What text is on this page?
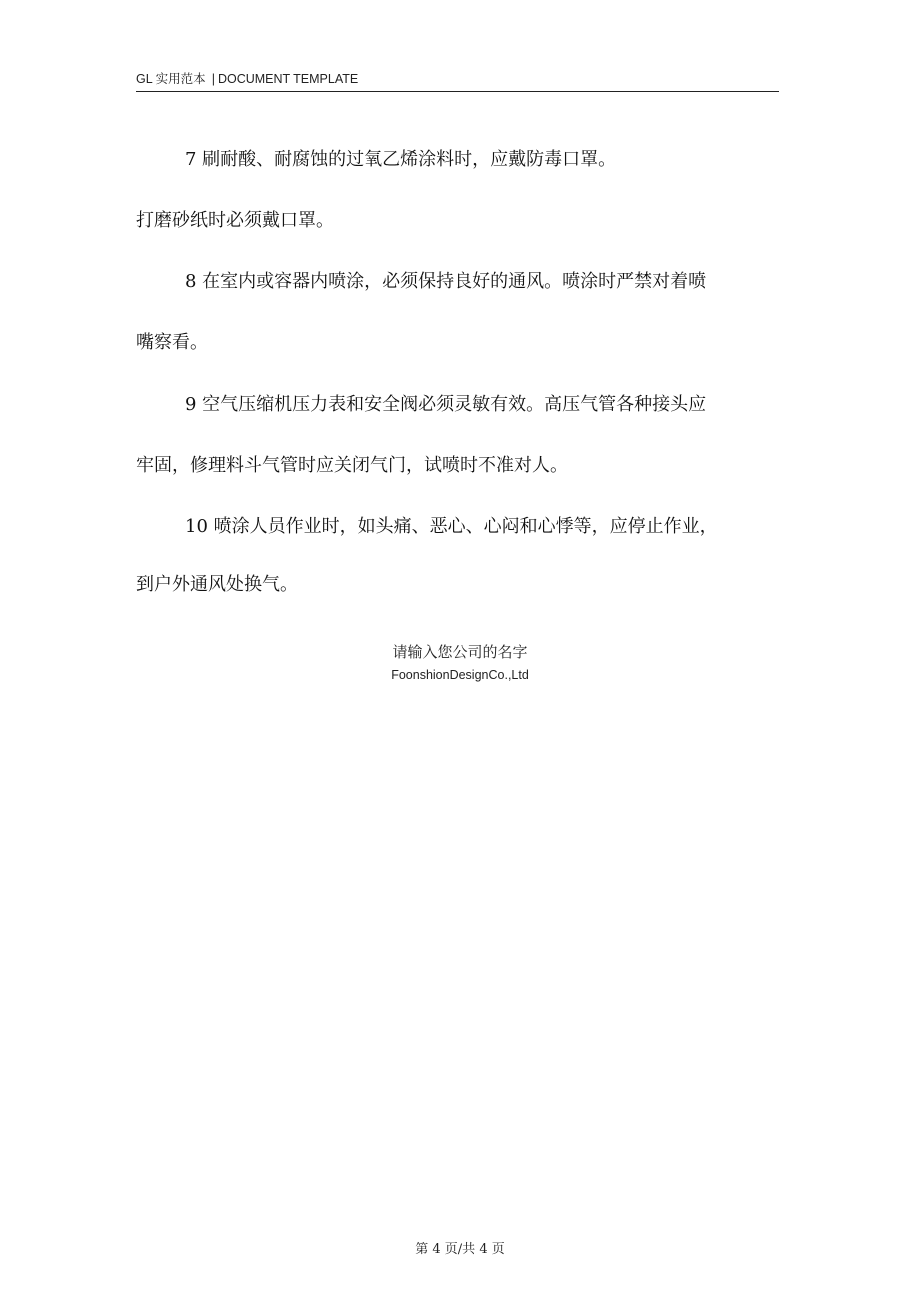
GL 实用范本 | DOCUMENT TEMPLATE
7 刷耐酸、耐腐蚀的过氧乙烯涂料时，应戴防毒口罩。
打磨砂纸时必须戴口罩。
8 在室内或容器内喷涂，必须保持良好的通风。喷涂时严禁对着喷
嘴察看。
9 空气压缩机压力表和安全阀必须灵敏有效。高压气管各种接头应
牢固，修理料斗气管时应关闭气门，试喷时不准对人。
10 喷涂人员作业时，如头痛、恶心、心闷和心悸等，应停止作业，
到户外通风处换气。
请输入您公司的名字
FoonshionDesignCo.,Ltd
第 4 页/共 4 页
